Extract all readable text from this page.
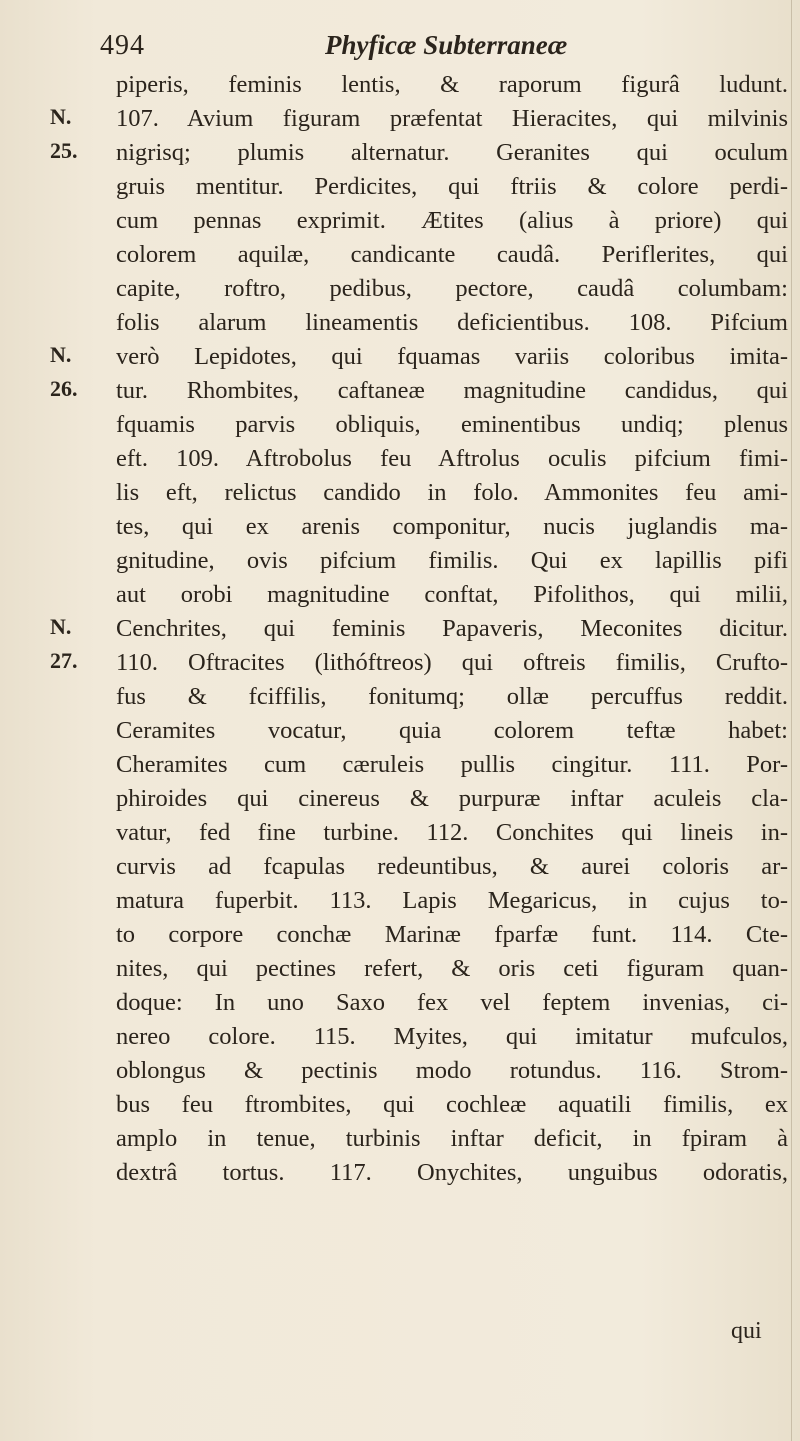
494	Phyficæ Subterraneæ
N.
25.
N.
26.
N.
27.
piperis, feminis lentis, & raporum figurâ ludunt.
107. Avium figuram præfentat Hieracites, qui milvinis
nigrisq; plumis alternatur. Geranites qui oculum
gruis mentitur. Perdicites, qui ftriis & colore perdi-
cum pennas exprimit. Ætites (alius à priore) qui
colorem aquilæ, candicante caudâ. Periflerites, qui
capite, roftro, pedibus, pectore, caudâ columbam:
folis alarum lineamentis deficientibus. 108. Pifcium
verò Lepidotes, qui fquamas variis coloribus imita-
tur. Rhombites, caftaneæ magnitudine candidus, qui
fquamis parvis obliquis, eminentibus undiq; plenus
eft. 109. Aftrobolus feu Aftrolus oculis pifcium fimi-
lis eft, relictus candido in folo. Ammonites feu ami-
tes, qui ex arenis componitur, nucis juglandis ma-
gnitudine, ovis pifcium fimilis. Qui ex lapillis pifi
aut orobi magnitudine conftat, Pifolithos, qui milii,
Cenchrites, qui feminis Papaveris, Meconites dicitur.
110. Oftracites (lithóftreos) qui oftreis fimilis, Crufto-
fus & fciffilis, fonitumq; ollæ percuffus reddit.
Ceramites vocatur, quia colorem teftæ habet:
Cheramites cum cæruleis pullis cingitur. 111. Por-
phiroides qui cinereus & purpuræ inftar aculeis cla-
vatur, fed fine turbine. 112. Conchites qui lineis in-
curvis ad fcapulas redeuntibus, & aurei coloris ar-
matura fuperbit. 113. Lapis Megaricus, in cujus to-
to corpore conchæ Marinæ fparfæ funt. 114. Cte-
nites, qui pectines refert, & oris ceti figuram quan-
doque: In uno Saxo fex vel feptem invenias, ci-
nereo colore. 115. Myites, qui imitatur mufculos,
oblongus & pectinis modo rotundus. 116. Strom-
bus feu ftrombites, qui cochleæ aquatili fimilis, ex
amplo in tenue, turbinis inftar deficit, in fpiram à
dextrâ tortus. 117. Onychites, unguibus odoratis,
qui
